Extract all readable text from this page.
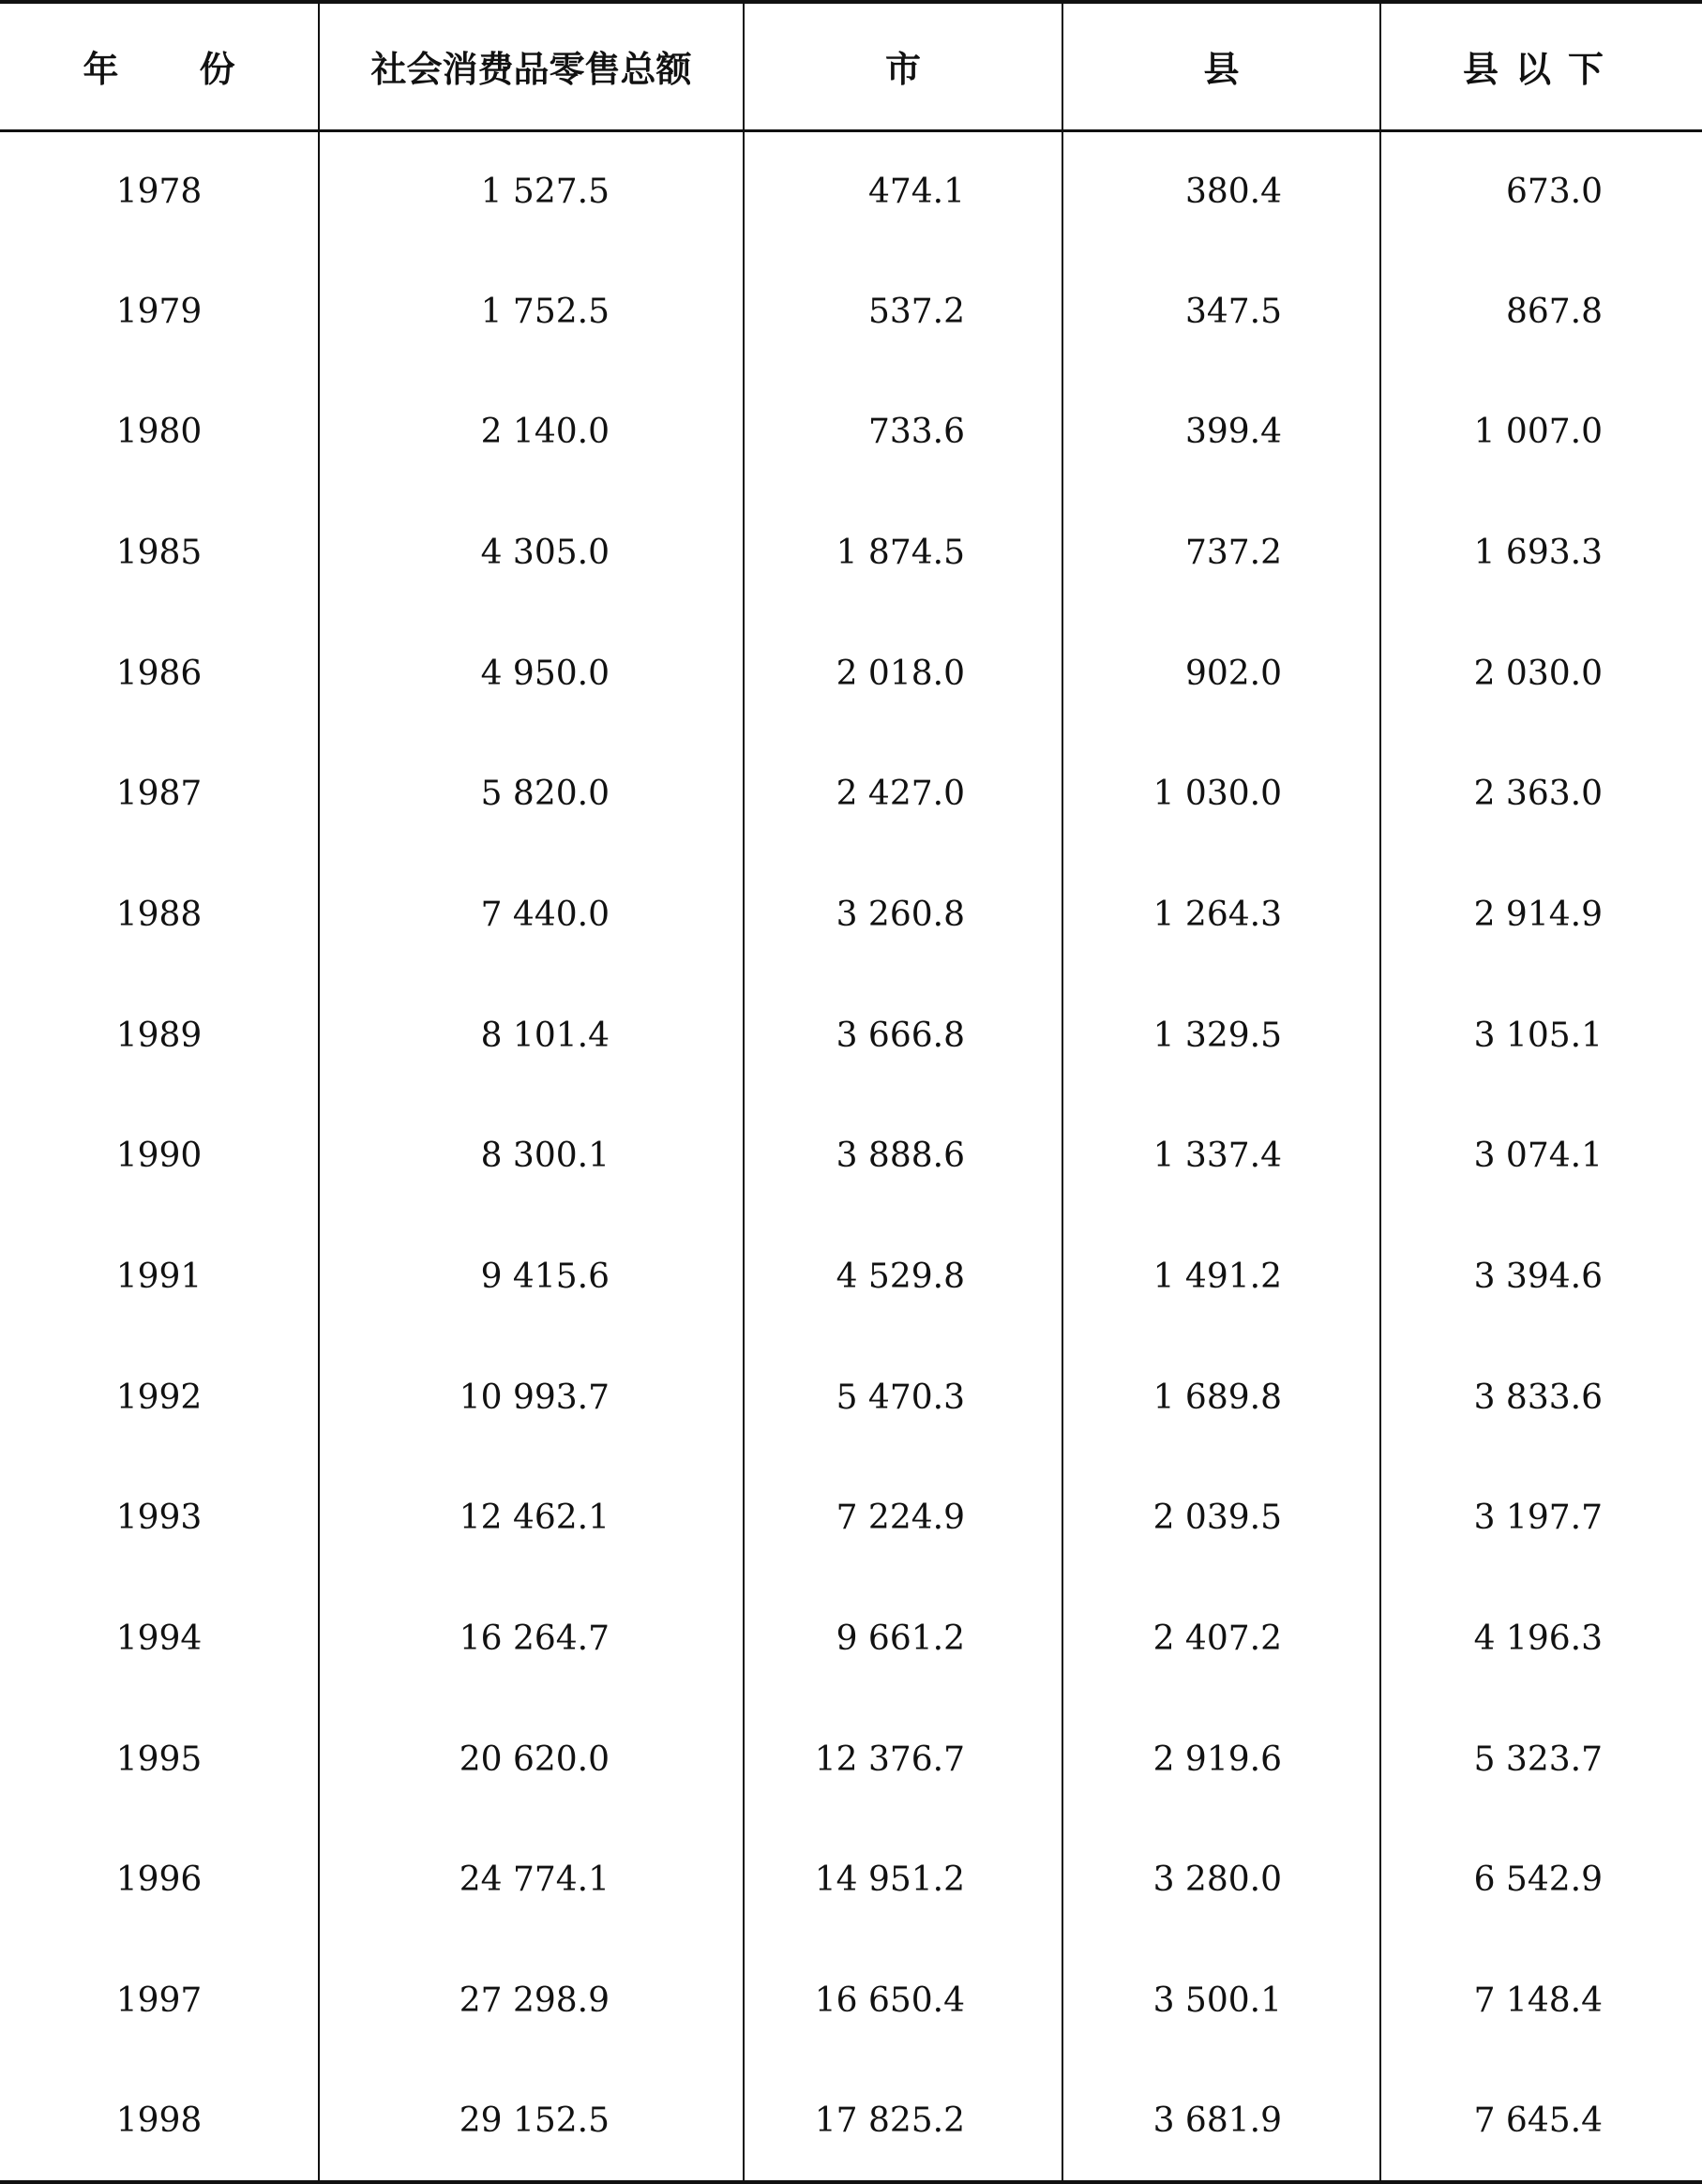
年 份	社会消费品零售总额	市	县	县以下
1978	1 527.5	474.1	380.4	673.0
1979	1 752.5	537.2	347.5	867.8
1980	2 140.0	733.6	399.4	1 007.0
1985	4 305.0	1 874.5	737.2	1 693.3
1986	4 950.0	2 018.0	902.0	2 030.0
1987	5 820.0	2 427.0	1 030.0	2 363.0
1988	7 440.0	3 260.8	1 264.3	2 914.9
1989	8 101.4	3 666.8	1 329.5	3 105.1
1990	8 300.1	3 888.6	1 337.4	3 074.1
1991	9 415.6	4 529.8	1 491.2	3 394.6
1992	10 993.7	5 470.3	1 689.8	3 833.6
1993	12 462.1	7 224.9	2 039.5	3 197.7
1994	16 264.7	9 661.2	2 407.2	4 196.3
1995	20 620.0	12 376.7	2 919.6	5 323.7
1996	24 774.1	14 951.2	3 280.0	6 542.9
1997	27 298.9	16 650.4	3 500.1	7 148.4
1998	29 152.5	17 825.2	3 681.9	7 645.4
